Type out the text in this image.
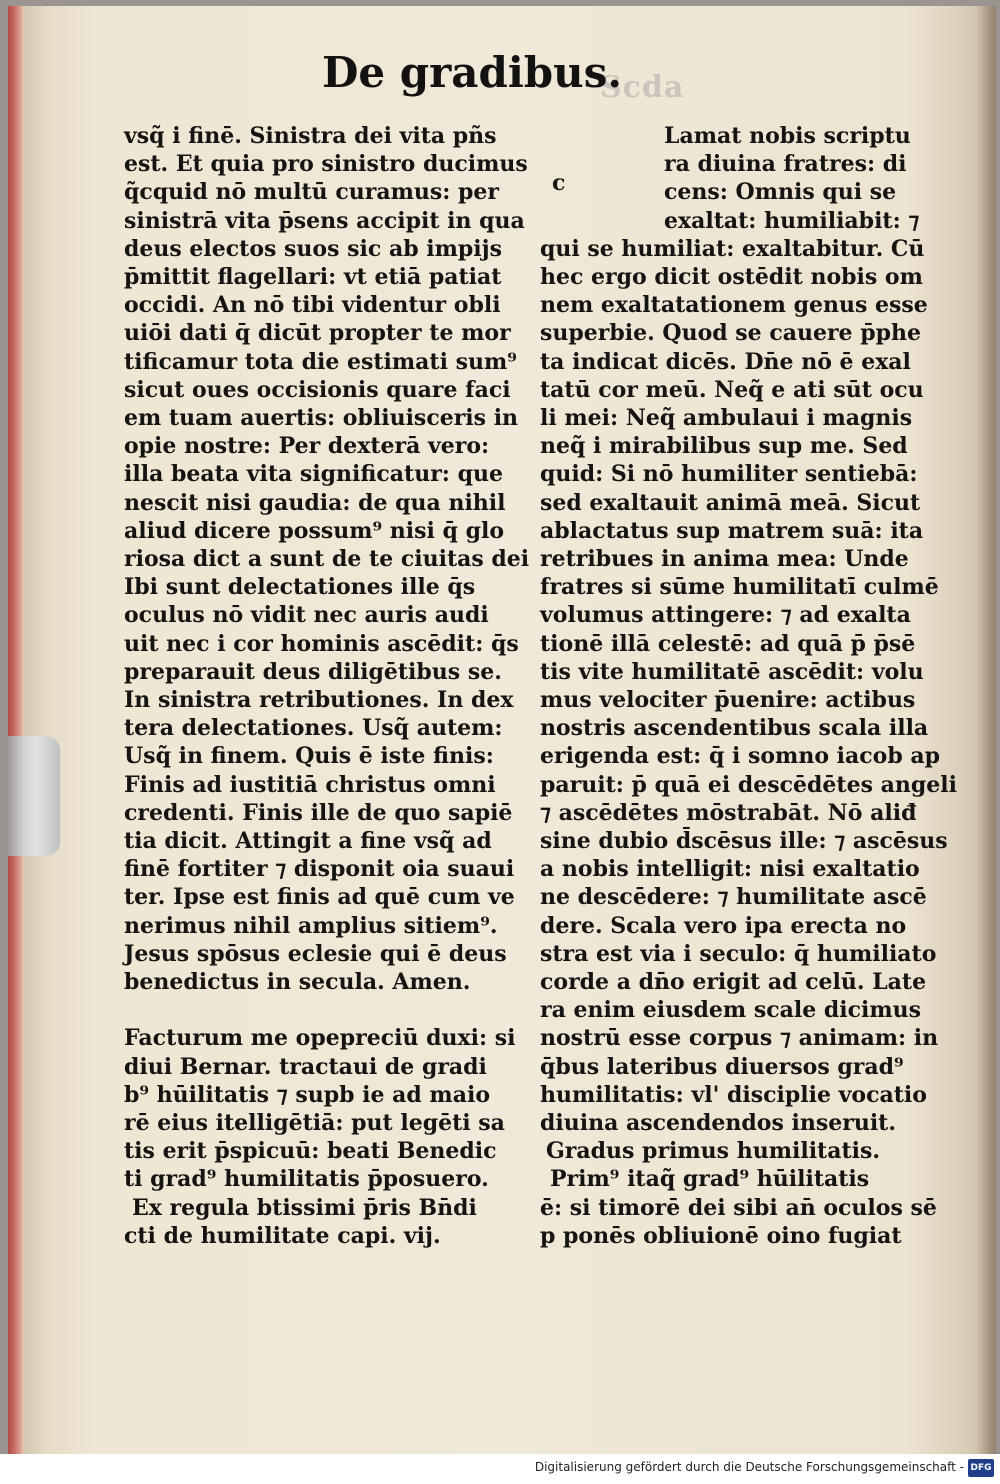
Scda
De gradibus.
vsq̃ i finē. Sinistra dei vita pñs
est. Et quia pro sinistro ducimus
q̃cquid nō multū curamus: per
sinistrā vita p̄sens accipit in qua
deus electos suos sic ab impijs
p̄mittit flagellari: vt etiā patiat
occidi. An nō tibi videntur obli
uiōi dati q̄ dicūt propter te mor
tificamur tota die estimati sum⁹
sicut oues occisionis quare faci
em tuam auertis: obliuisceris in
opie nostre: Per dexterā vero:
illa beata vita significatur: que
nescit nisi gaudia: de qua nihil
aliud dicere possum⁹ nisi q̄ glo
riosa dict a sunt de te ciuitas dei
Ibi sunt delectationes ille q̄s
oculus nō vidit nec auris audi
uit nec i cor hominis ascēdit: q̄s
preparauit deus diligētibus se.
In sinistra retributiones. In dex
tera delectationes. Usq̃ autem:
Usq̃ in finem. Quis ē iste finis:
Finis ad iustitiā christus omni
credenti. Finis ille de quo sapiē
tia dicit. Attingit a fine vsq̃ ad
finē fortiter ⁊ disponit oia suaui
ter. Ipse est finis ad quē cum ve
nerimus nihil amplius sitiem⁹.
Jesus spōsus eclesie qui ē deus
benedictus in secula. Amen.
Facturum me opepreciū duxi: si
diui Bernar. tractaui de gradi
b⁹ hūilitatis ⁊ supb ie ad maio
rē eius itelligētiā: put legēti sa
tis erit p̄spicuū: beati Benedic
ti grad⁹ humilitatis p̄posuero.
Ex regula btissimi p̄ris Bn̄di
cti de humilitate capi. vij.
c
Lamat nobis scriptu
ra diuina fratres: di
cens: Omnis qui se
exaltat: humiliabit: ⁊
qui se humiliat: exaltabitur. Cū
hec ergo dicit ostēdit nobis om
nem exaltatationem genus esse
superbie. Quod se cauere p̄phe
ta indicat dicēs. Dn̄e nō ē exal
tatū cor meū. Neq̃ e ati sūt ocu
li mei: Neq̃ ambulaui i magnis
neq̃ i mirabilibus sup me. Sed
quid: Si nō humiliter sentiebā:
sed exaltauit animā meā. Sicut
ablactatus sup matrem suā: ita
retribues in anima mea: Unde
fratres si sūme humilitatī culmē
volumus attingere: ⁊ ad exalta
tionē illā celestē: ad quā p̄ p̄sē
tis vite humilitatē ascēdit: volu
mus velociter p̄uenire: actibus
nostris ascendentibus scala illa
erigenda est: q̄ i somno iacob ap
paruit: p̄ quā ei descēdētes angeli
⁊ ascēdētes mōstrabāt. Nō aliđ
sine dubio d̄scēsus ille: ⁊ ascēsus
a nobis intelligit: nisi exaltatio
ne descēdere: ⁊ humilitate ascē
dere. Scala vero ipa erecta no
stra est via i seculo: q̄ humiliato
corde a dn̄o erigit ad celū. Late
ra enim eiusdem scale dicimus
nostrū esse corpus ⁊ animam: in
q̄bus lateribus diuersos grad⁹
humilitatis: vl' disciplie vocatio
diuina ascendendos inseruit.
Gradus primus humilitatis.
Prim⁹ itaq̃ grad⁹ hūilitatis
ē: si timorē dei sibi an̄ oculos sē
p ponēs obliuionē oino fugiat
Digitalisierung gefördert durch die Deutsche Forschungsgemeinschaft - DFG
